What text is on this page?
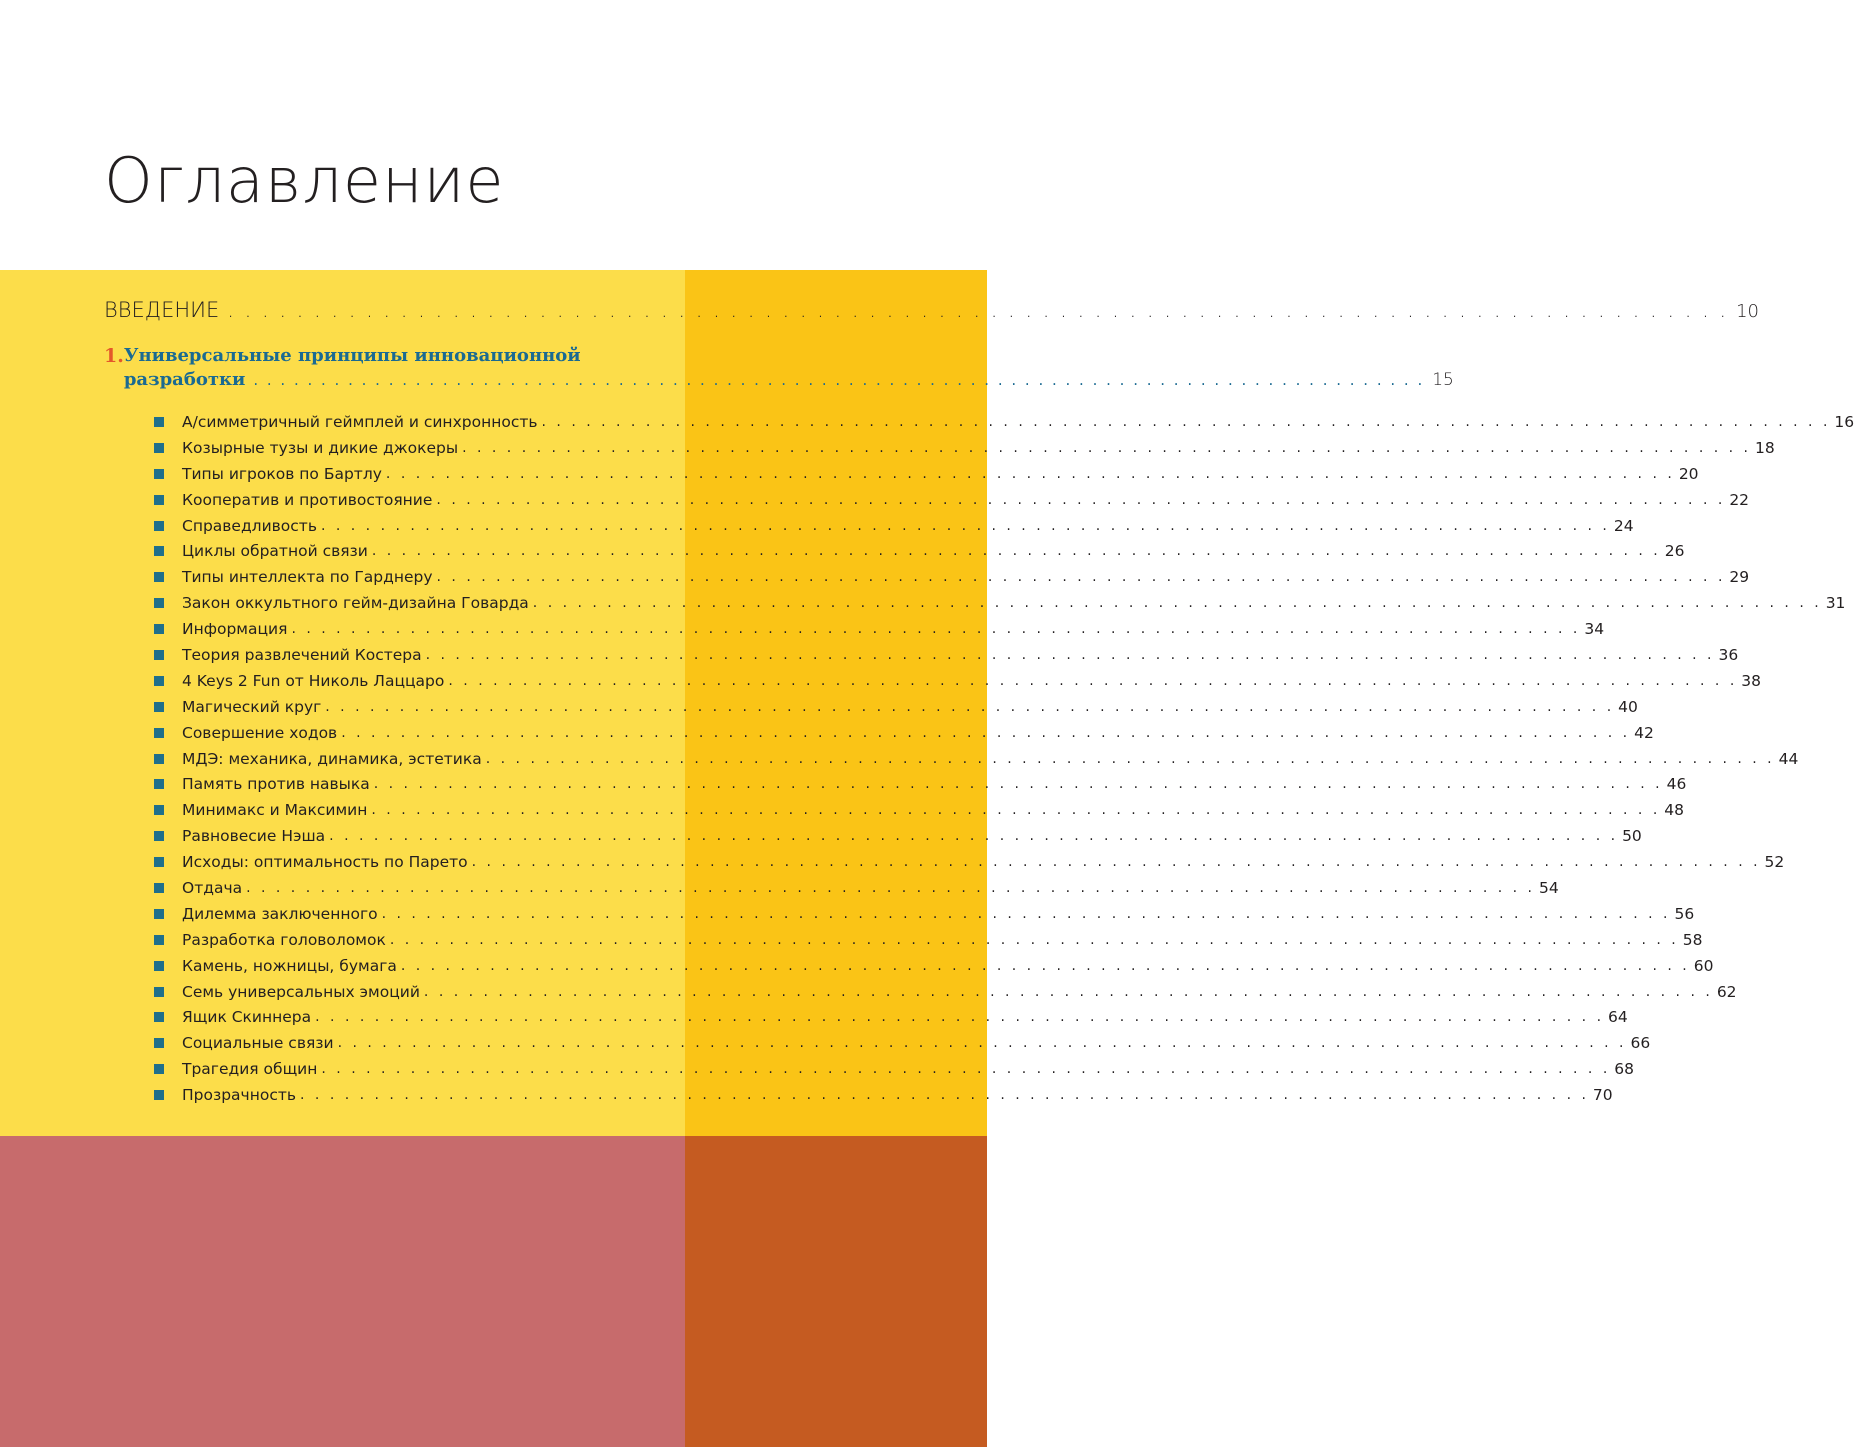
Оглавление
ВВЕДЕНИЕ . . .	10
1. Универсальные принципы инновационной
разработки . . .	15
А/симметричный геймплей и синхронность . . .	16
Козырные тузы и дикие джокеры . . .	18
Типы игроков по Бартлу . . .	20
Кооператив и противостояние . . .	22
Справедливость . . .	24
Циклы обратной связи . . .	26
Типы интеллекта по Гарднеру . . .	29
Закон оккультного гейм-дизайна Говарда . . .	31
Информация . . .	34
Теория развлечений Костера . . .	36
4 Keys 2 Fun от Николь Лаццаро . . .	38
Магический круг . . .	40
Совершение ходов . . .	42
МДЭ: механика, динамика, эстетика . . .	44
Память против навыка . . .	46
Минимакс и Максимин . . .	48
Равновесие Нэша . . .	50
Исходы: оптимальность по Парето . . .	52
Отдача . . .	54
Дилемма заключенного . . .	56
Разработка головоломок . . .	58
Камень, ножницы, бумага . . .	60
Семь универсальных эмоций . . .	62
Ящик Скиннера . . .	64
Социальные связи . . .	66
Трагедия общин . . .	68
Прозрачность . . .	70
